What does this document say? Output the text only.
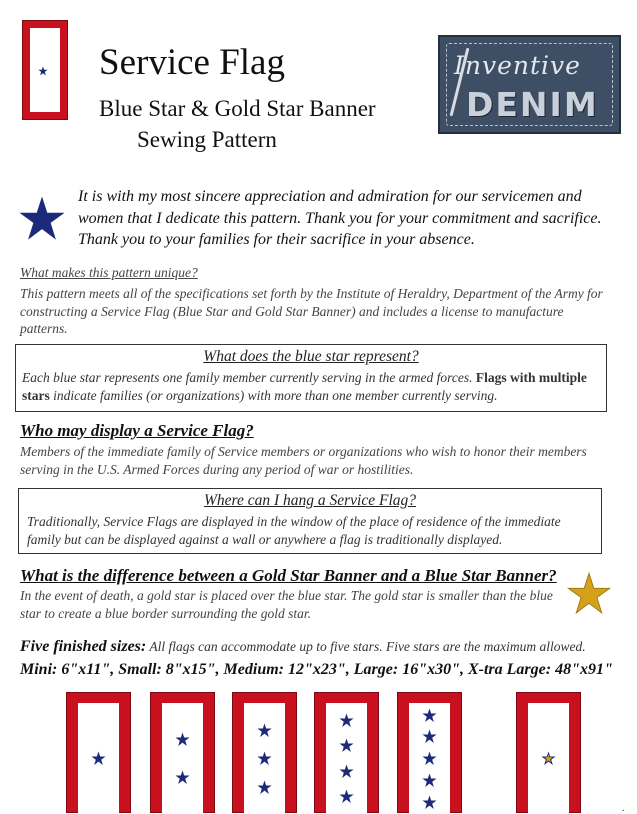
Service Flag
Blue Star & Gold Star Banner
Sewing Pattern
Inventive
DENIM
It is with my most sincere appreciation and admiration for our servicemen and women that I dedicate this pattern. Thank you for your commitment and sacrifice. Thank you to your families for their sacrifice in your absence.
What makes this pattern unique?
This pattern meets all of the specifications set forth by the Institute of Heraldry, Department of the Army for constructing a Service Flag (Blue Star and Gold Star Banner) and includes a license to manufacture patterns.
What does the blue star represent?
Each blue star represents one family member currently serving in the armed forces. Flags with multiple stars indicate families (or organizations) with more than one member currently serving.
Who may display a Service Flag?
Members of the immediate family of Service members or organizations who wish to honor their members serving in the U.S. Armed Forces during any period of war or hostilities.
Where can I hang a Service Flag?
Traditionally, Service Flags are displayed in the window of the place of residence of the immediate family but can be displayed against a wall or anywhere a flag is traditionally displayed.
What is the difference between a Gold Star Banner and a Blue Star Banner?
In the event of death, a gold star is placed over the blue star. The gold star is smaller than the blue star to create a blue border surrounding the gold star.
Five finished sizes: All flags can accommodate up to five stars. Five stars are the maximum allowed.
Mini: 6"x11", Small: 8"x15", Medium: 12"x23", Large: 16"x30", X-tra Large: 48"x91"
.
